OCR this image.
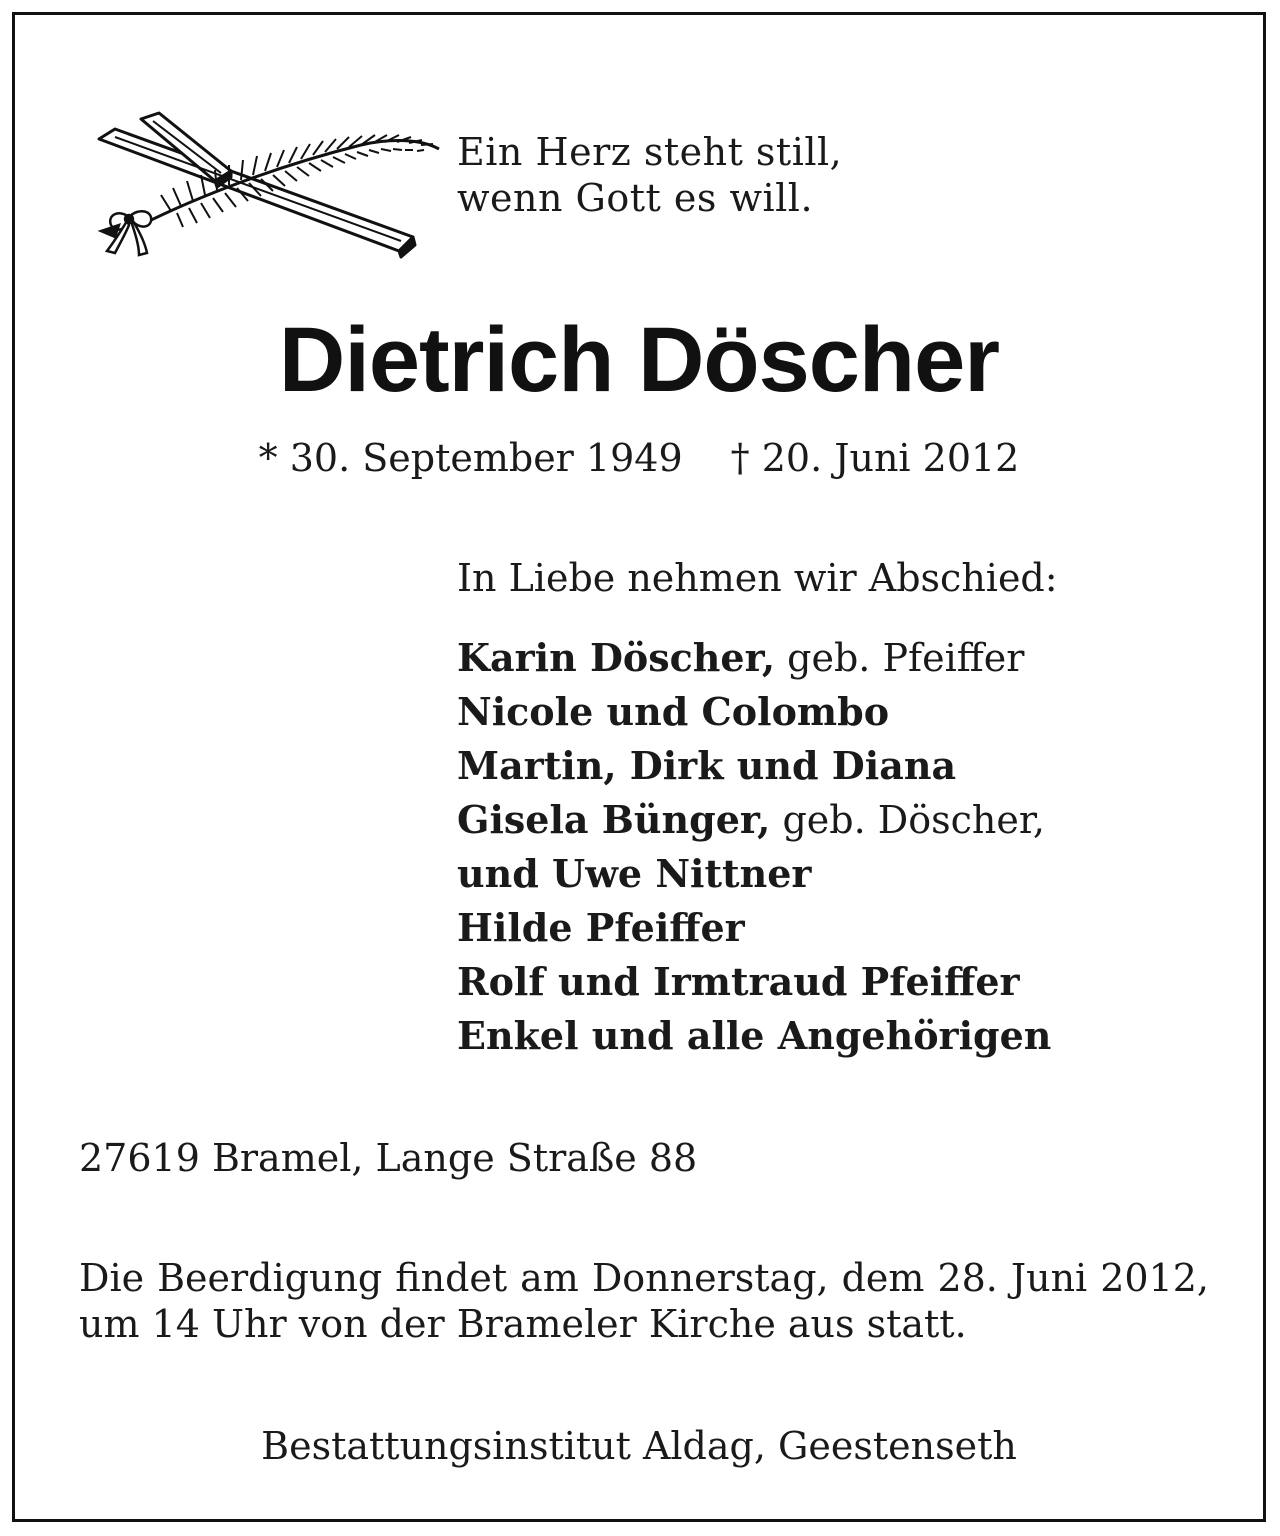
Ein Herz steht still,
wenn Gott es will.
Dietrich Döscher
* 30. September 1949 † 20. Juni 2012
In Liebe nehmen wir Abschied:
Karin Döscher, geb. Pfeiffer
Nicole und Colombo
Martin, Dirk und Diana
Gisela Bünger, geb. Döscher,
und Uwe Nittner
Hilde Pfeiffer
Rolf und Irmtraud Pfeiffer
Enkel und alle Angehörigen
27619 Bramel, Lange Straße 88
Die Beerdigung findet am Donnerstag, dem 28. Juni 2012, um 14 Uhr von der Brameler Kirche aus statt.
Bestattungsinstitut Aldag, Geestenseth
